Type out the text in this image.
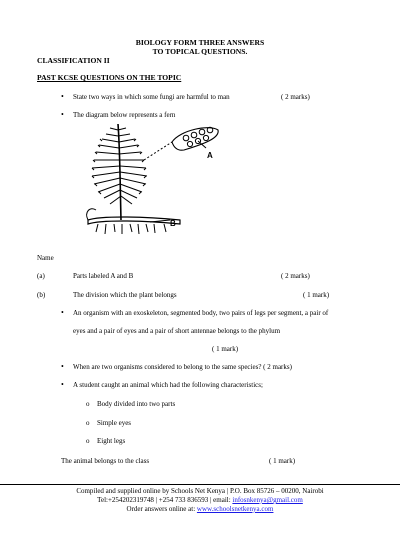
BIOLOGY FORM THREE ANSWERS
TO TOPICAL QUESTIONS.
CLASSIFICATION II
PAST KCSE QUESTIONS ON THE TOPIC
• State two ways in which some fungi are harmful to man	( 2 marks)
• The diagram below represents a fern
A
B
Name
(a)	Parts labeled A and B	( 2 marks)
(b)	The division which the plant belongs	( 1 mark)
• An organism with an exoskeleton, segmented body, two pairs of legs per segment, a pair of
eyes and a pair of eyes and a pair of short antennae belongs to the phylum
( 1 mark)
• When are two organisms considered to belong to the same species? ( 2 marks)
• A student caught an animal which had the following characteristics;
o Body divided into two parts
o Simple eyes
o Eight legs
The animal belongs to the class	( 1 mark)
Compiled and supplied online by Schools Net Kenya | P.O. Box 85726 – 00200, Nairobi
Tel:+254202319748 | +254 733 836593 | email: infosnkenya@gmail.com
Order answers online at: www.schoolsnetkenya.com
